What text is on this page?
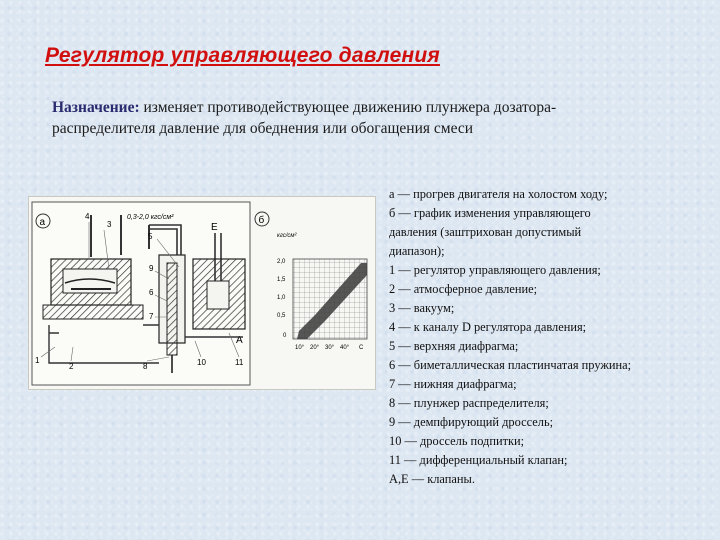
Регулятор управляющего давления
Назначение: изменяет противодействующее движению плунжера дозатора-распределителя давление для обеднения или обогащения смеси
а	0,3-2,0 кгс/см²
E
A
4
3
5
9
6
7
1
2	8	10	11
б
кгс/см²
2,0
1,5
1,0
0,5
0
10° 20° 30° 40° С
а — прогрев двигателя на холостом ходу;
б — график изменения управляющего
давления (заштрихован допустимый
диапазон);
1 — регулятор управляющего давления;
2 — атмосферное давление;
3 — вакуум;
4 — к каналу D регулятора давления;
5 — верхняя диафрагма;
6 — биметаллическая пластинчатая пружина;
7 — нижняя диафрагма;
8 — плунжер распределителя;
9 — демпфирующий дроссель;
10 — дроссель подпитки;
11 — дифференциальный клапан;
А,Е — клапаны.
